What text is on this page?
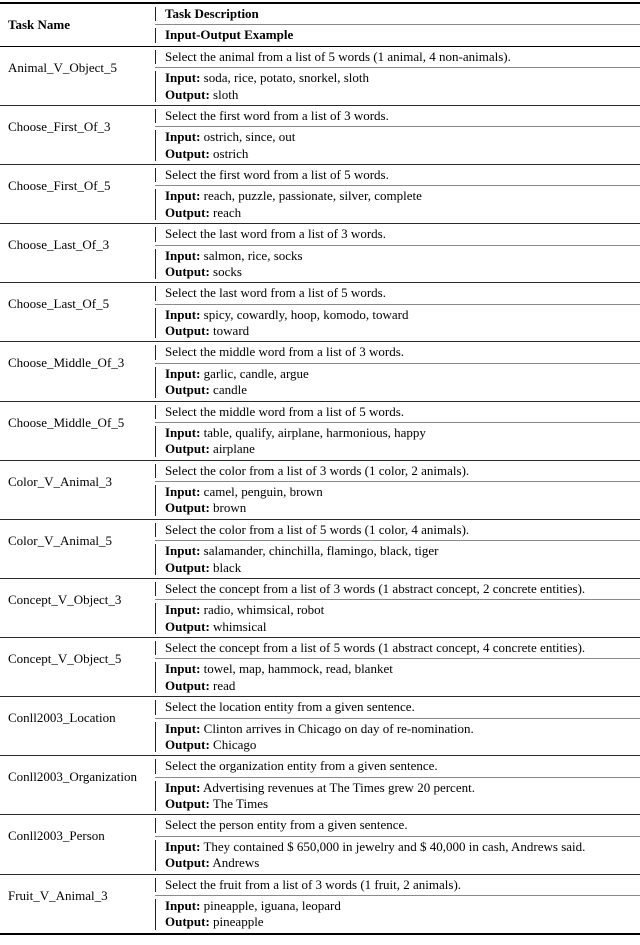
Task Name
Task Description
Input-Output Example
Animal_V_Object_5
Select the animal from a list of 5 words (1 animal, 4 non-animals).
Input: soda, rice, potato, snorkel, sloth
Output: sloth
Choose_First_Of_3
Select the first word from a list of 3 words.
Input: ostrich, since, out
Output: ostrich
Choose_First_Of_5
Select the first word from a list of 5 words.
Input: reach, puzzle, passionate, silver, complete
Output: reach
Choose_Last_Of_3
Select the last word from a list of 3 words.
Input: salmon, rice, socks
Output: socks
Choose_Last_Of_5
Select the last word from a list of 5 words.
Input: spicy, cowardly, hoop, komodo, toward
Output: toward
Choose_Middle_Of_3
Select the middle word from a list of 3 words.
Input: garlic, candle, argue
Output: candle
Choose_Middle_Of_5
Select the middle word from a list of 5 words.
Input: table, qualify, airplane, harmonious, happy
Output: airplane
Color_V_Animal_3
Select the color from a list of 3 words (1 color, 2 animals).
Input: camel, penguin, brown
Output: brown
Color_V_Animal_5
Select the color from a list of 5 words (1 color, 4 animals).
Input: salamander, chinchilla, flamingo, black, tiger
Output: black
Concept_V_Object_3
Select the concept from a list of 3 words (1 abstract concept, 2 concrete entities).
Input: radio, whimsical, robot
Output: whimsical
Concept_V_Object_5
Select the concept from a list of 5 words (1 abstract concept, 4 concrete entities).
Input: towel, map, hammock, read, blanket
Output: read
Conll2003_Location
Select the location entity from a given sentence.
Input: Clinton arrives in Chicago on day of re-nomination.
Output: Chicago
Conll2003_Organization
Select the organization entity from a given sentence.
Input: Advertising revenues at The Times grew 20 percent.
Output: The Times
Conll2003_Person
Select the person entity from a given sentence.
Input: They contained $ 650,000 in jewelry and $ 40,000 in cash, Andrews said.
Output: Andrews
Fruit_V_Animal_3
Select the fruit from a list of 3 words (1 fruit, 2 animals).
Input: pineapple, iguana, leopard
Output: pineapple
